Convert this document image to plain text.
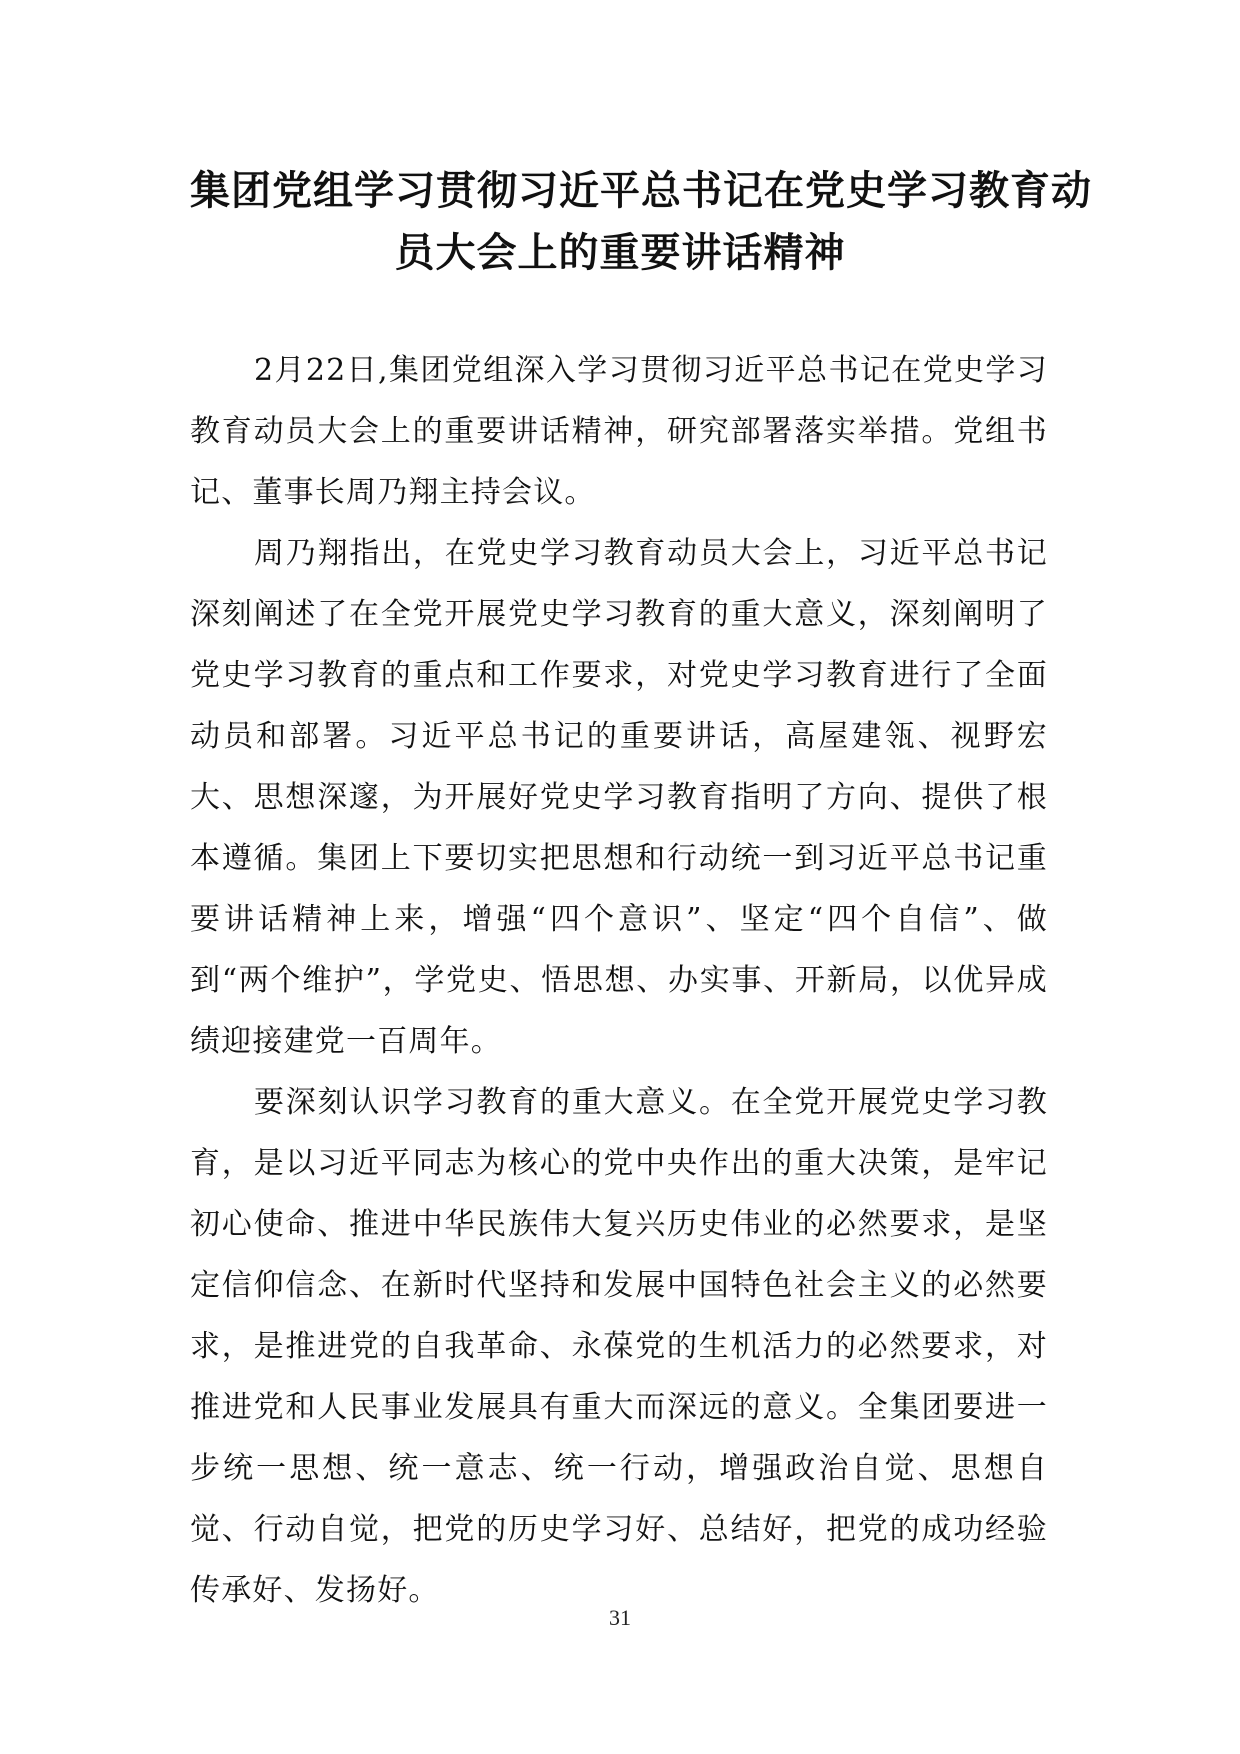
集团党组学习贯彻习近平总书记在党史学习教育动
员大会上的重要讲话精神

2月22日,集团党组深入学习贯彻习近平总书记在党史学习教育动员大会上的重要讲话精神，研究部署落实举措。党组书记、董事长周乃翔主持会议。

周乃翔指出，在党史学习教育动员大会上，习近平总书记深刻阐述了在全党开展党史学习教育的重大意义，深刻阐明了党史学习教育的重点和工作要求，对党史学习教育进行了全面动员和部署。习近平总书记的重要讲话，高屋建瓴、视野宏大、思想深邃，为开展好党史学习教育指明了方向、提供了根本遵循。集团上下要切实把思想和行动统一到习近平总书记重要讲话精神上来，增强“四个意识”、坚定“四个自信”、做到“两个维护”，学党史、悟思想、办实事、开新局，以优异成绩迎接建党一百周年。

要深刻认识学习教育的重大意义。在全党开展党史学习教育，是以习近平同志为核心的党中央作出的重大决策，是牢记初心使命、推进中华民族伟大复兴历史伟业的必然要求，是坚定信仰信念、在新时代坚持和发展中国特色社会主义的必然要求，是推进党的自我革命、永葆党的生机活力的必然要求，对推进党和人民事业发展具有重大而深远的意义。全集团要进一步统一思想、统一意志、统一行动，增强政治自觉、思想自觉、行动自觉，把党的历史学习好、总结好，把党的成功经验传承好、发扬好。

31
